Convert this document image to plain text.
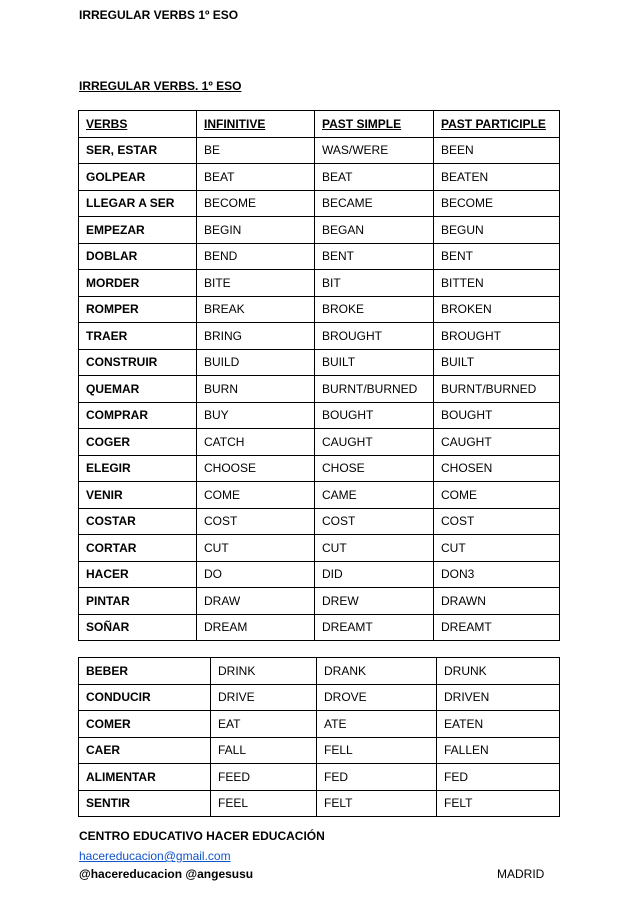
IRREGULAR VERBS 1º ESO
IRREGULAR VERBS. 1º ESO
VERBS	INFINITIVE	PAST SIMPLE	PAST PARTICIPLE
SER, ESTAR	BE	WAS/WERE	BEEN
GOLPEAR	BEAT	BEAT	BEATEN
LLEGAR A SER	BECOME	BECAME	BECOME
EMPEZAR	BEGIN	BEGAN	BEGUN
DOBLAR	BEND	BENT	BENT
MORDER	BITE	BIT	BITTEN
ROMPER	BREAK	BROKE	BROKEN
TRAER	BRING	BROUGHT	BROUGHT
CONSTRUIR	BUILD	BUILT	BUILT
QUEMAR	BURN	BURNT/BURNED	BURNT/BURNED
COMPRAR	BUY	BOUGHT	BOUGHT
COGER	CATCH	CAUGHT	CAUGHT
ELEGIR	CHOOSE	CHOSE	CHOSEN
VENIR	COME	CAME	COME
COSTAR	COST	COST	COST
CORTAR	CUT	CUT	CUT
HACER	DO	DID	DON3
PINTAR	DRAW	DREW	DRAWN
SOÑAR	DREAM	DREAMT	DREAMT
BEBER	DRINK	DRANK	DRUNK
CONDUCIR	DRIVE	DROVE	DRIVEN
COMER	EAT	ATE	EATEN
CAER	FALL	FELL	FALLEN
ALIMENTAR	FEED	FED	FED
SENTIR	FEEL	FELT	FELT
CENTRO EDUCATIVO HACER EDUCACIÓN
hacereducacion@gmail.com
@hacereducacion @angesusu	MADRID
